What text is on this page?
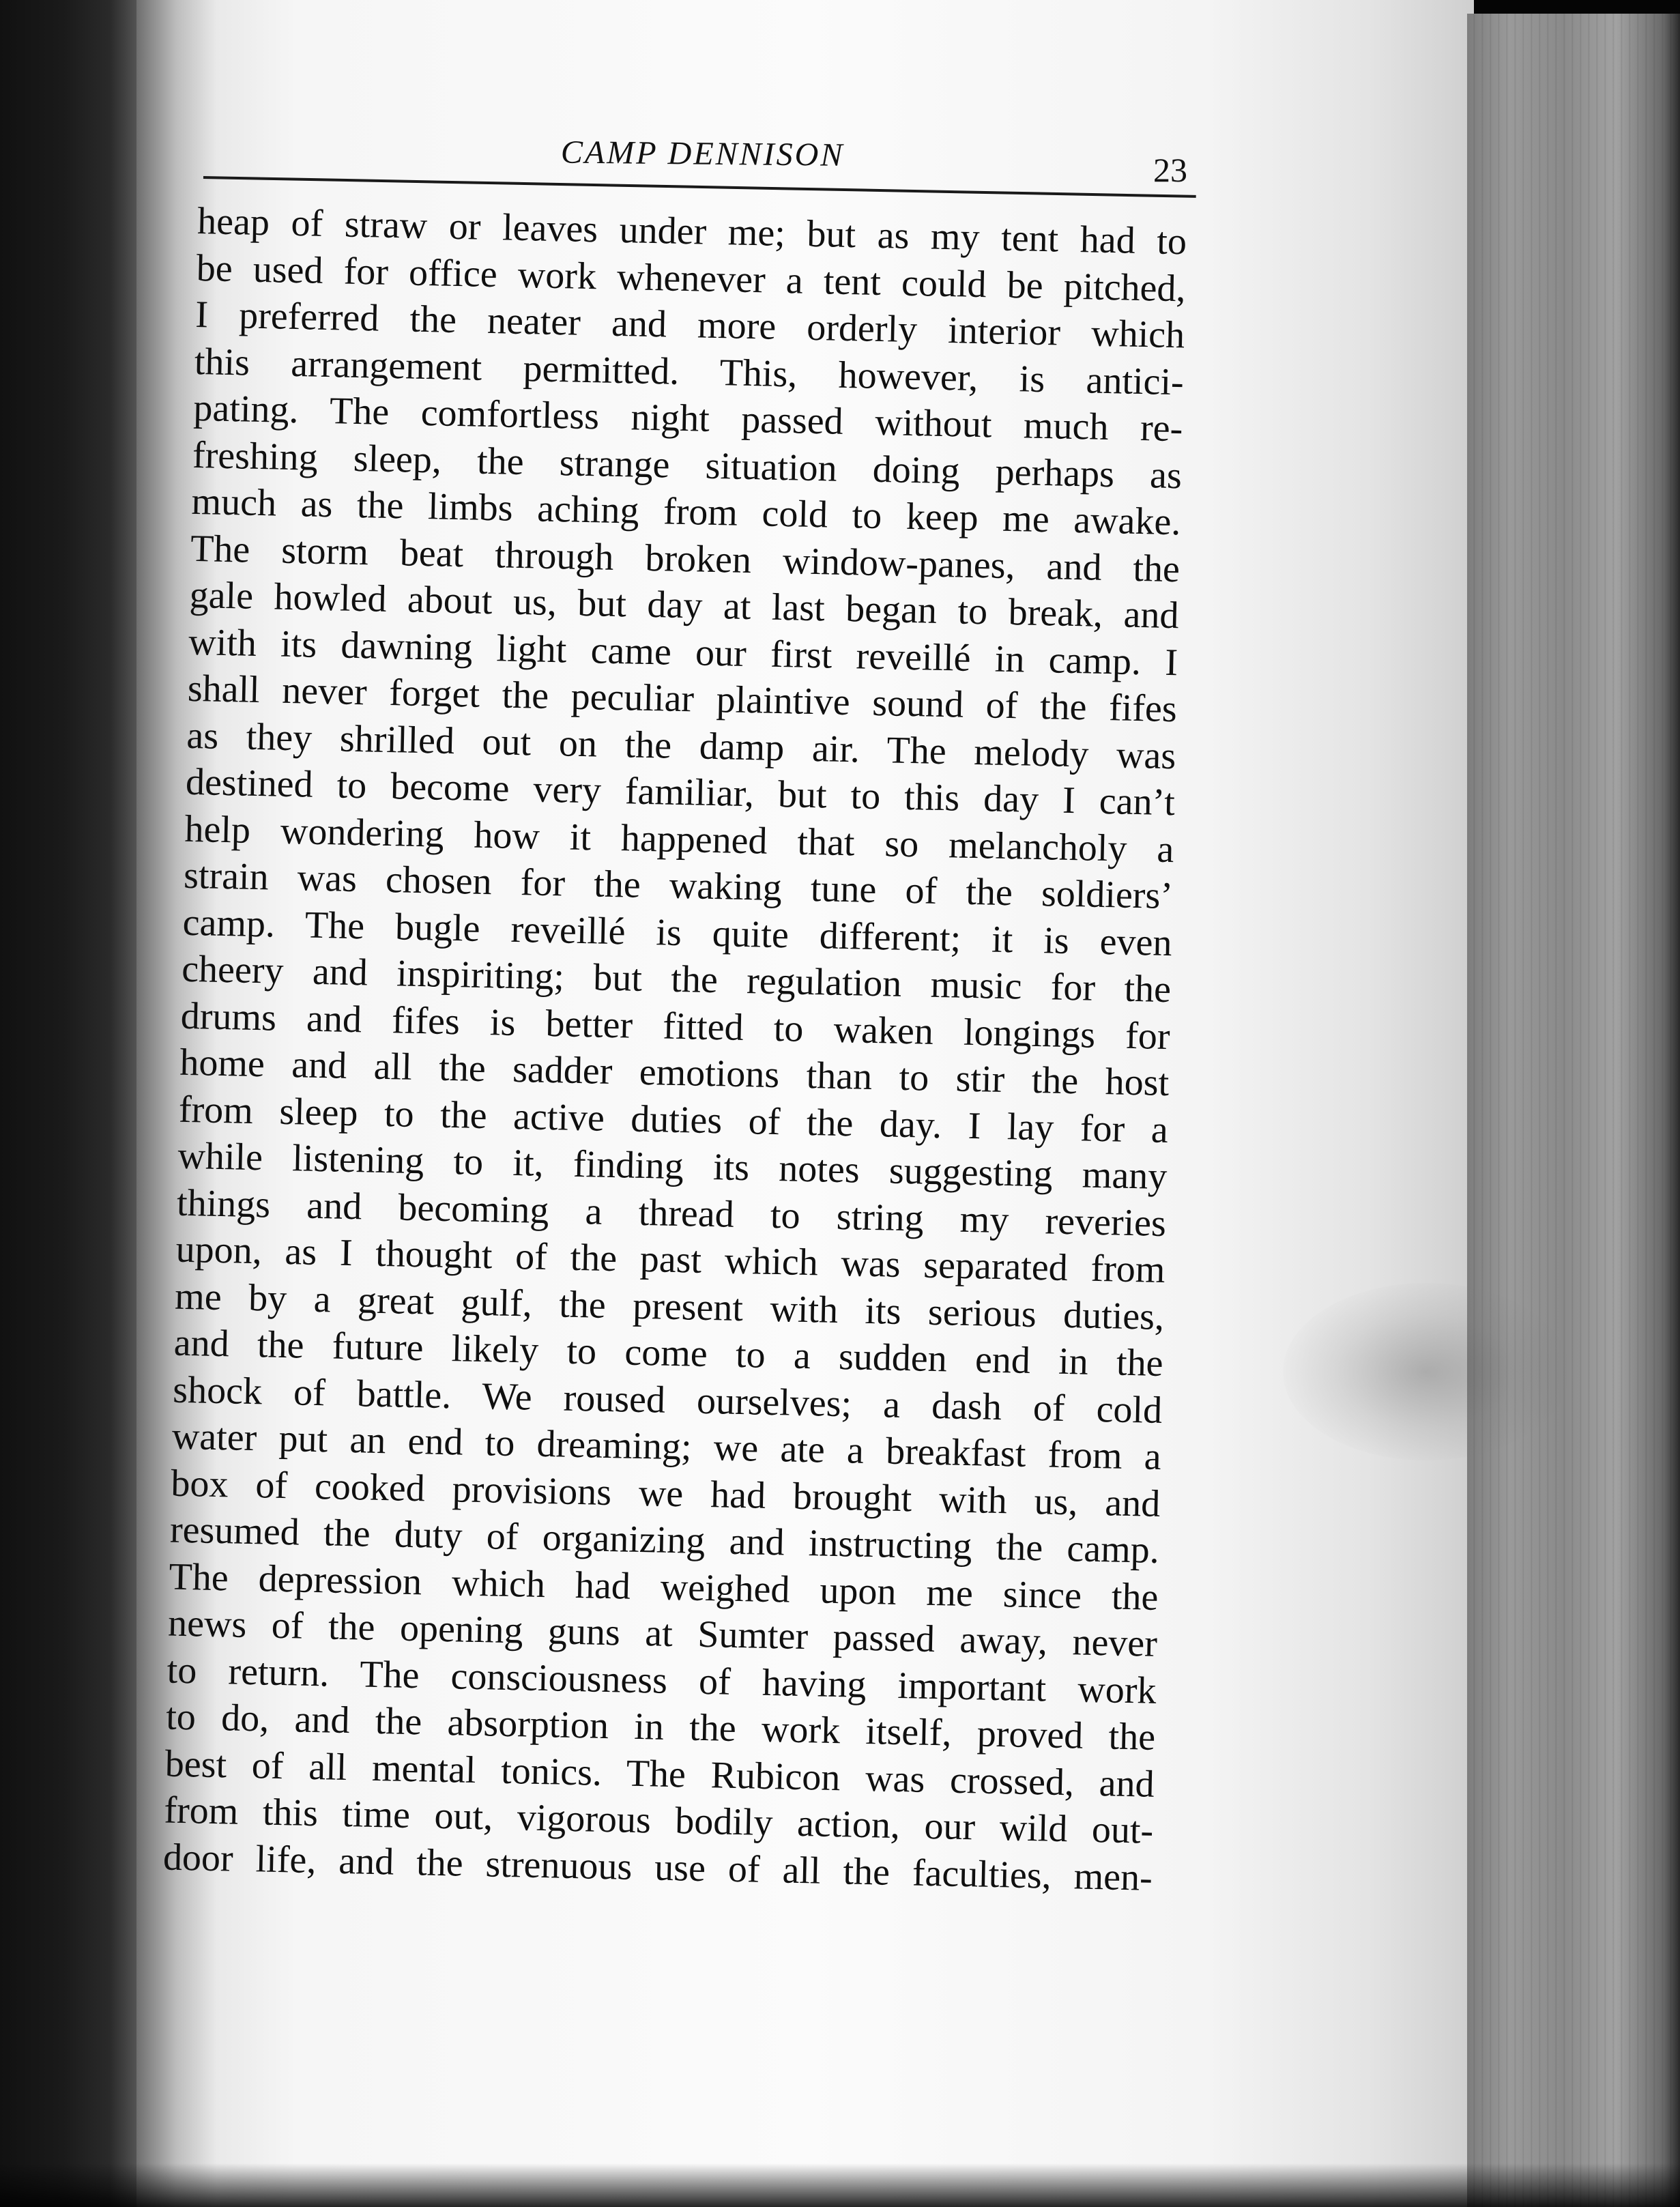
CAMP DENNISON	23
heap of straw or leaves under me; but as my tent had to
be used for office work whenever a tent could be pitched,
I preferred the neater and more orderly interior which
this arrangement permitted. This, however, is antici-
pating. The comfortless night passed without much re-
freshing sleep, the strange situation doing perhaps as
much as the limbs aching from cold to keep me awake.
The storm beat through broken window-panes, and the
gale howled about us, but day at last began to break, and
with its dawning light came our first reveillé in camp. I
shall never forget the peculiar plaintive sound of the fifes
as they shrilled out on the damp air. The melody was
destined to become very familiar, but to this day I can’t
help wondering how it happened that so melancholy a
strain was chosen for the waking tune of the soldiers’
camp. The bugle reveillé is quite different; it is even
cheery and inspiriting; but the regulation music for the
drums and fifes is better fitted to waken longings for
home and all the sadder emotions than to stir the host
from sleep to the active duties of the day. I lay for a
while listening to it, finding its notes suggesting many
things and becoming a thread to string my reveries
upon, as I thought of the past which was separated from
me by a great gulf, the present with its serious duties,
and the future likely to come to a sudden end in the
shock of battle. We roused ourselves; a dash of cold
water put an end to dreaming; we ate a breakfast from a
box of cooked provisions we had brought with us, and
resumed the duty of organizing and instructing the camp.
The depression which had weighed upon me since the
news of the opening guns at Sumter passed away, never
to return. The consciousness of having important work
to do, and the absorption in the work itself, proved the
best of all mental tonics. The Rubicon was crossed, and
from this time out, vigorous bodily action, our wild out-
door life, and the strenuous use of all the faculties, men-
